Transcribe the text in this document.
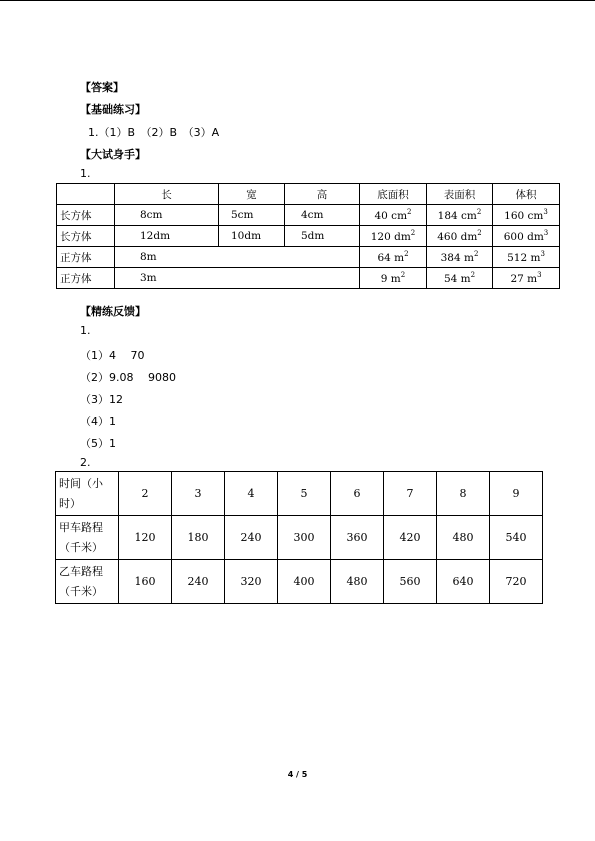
【答案】
【基础练习】
1.（1）B　（2）B　（3）A
【大试身手】
1.
	长	宽	高	底面积	表面积	体积
长方体	8cm	5cm	4cm	40 $cm^2$	184 $cm^2$	160 $cm^3$
长方体	12dm	10dm	5dm	120 $dm^2$	460 $dm^2$	600 $dm^3$
正方体	8m			64 $m^2$	384 $m^2$	512 $m^3$
正方体	3m			9 $m^2$	54 $m^2$	27 $m^3$
【精练反馈】
1.
（1）4　 70
（2）9.08　 9080
（3）12
（4）1
（5）1
2.
时间（小
时）	2	3	4	5	6	7	8	9
甲车路程
（千米）	120	180	240	300	360	420	480	540
乙车路程
（千米）	160	240	320	400	480	560	640	720
4 / 5
